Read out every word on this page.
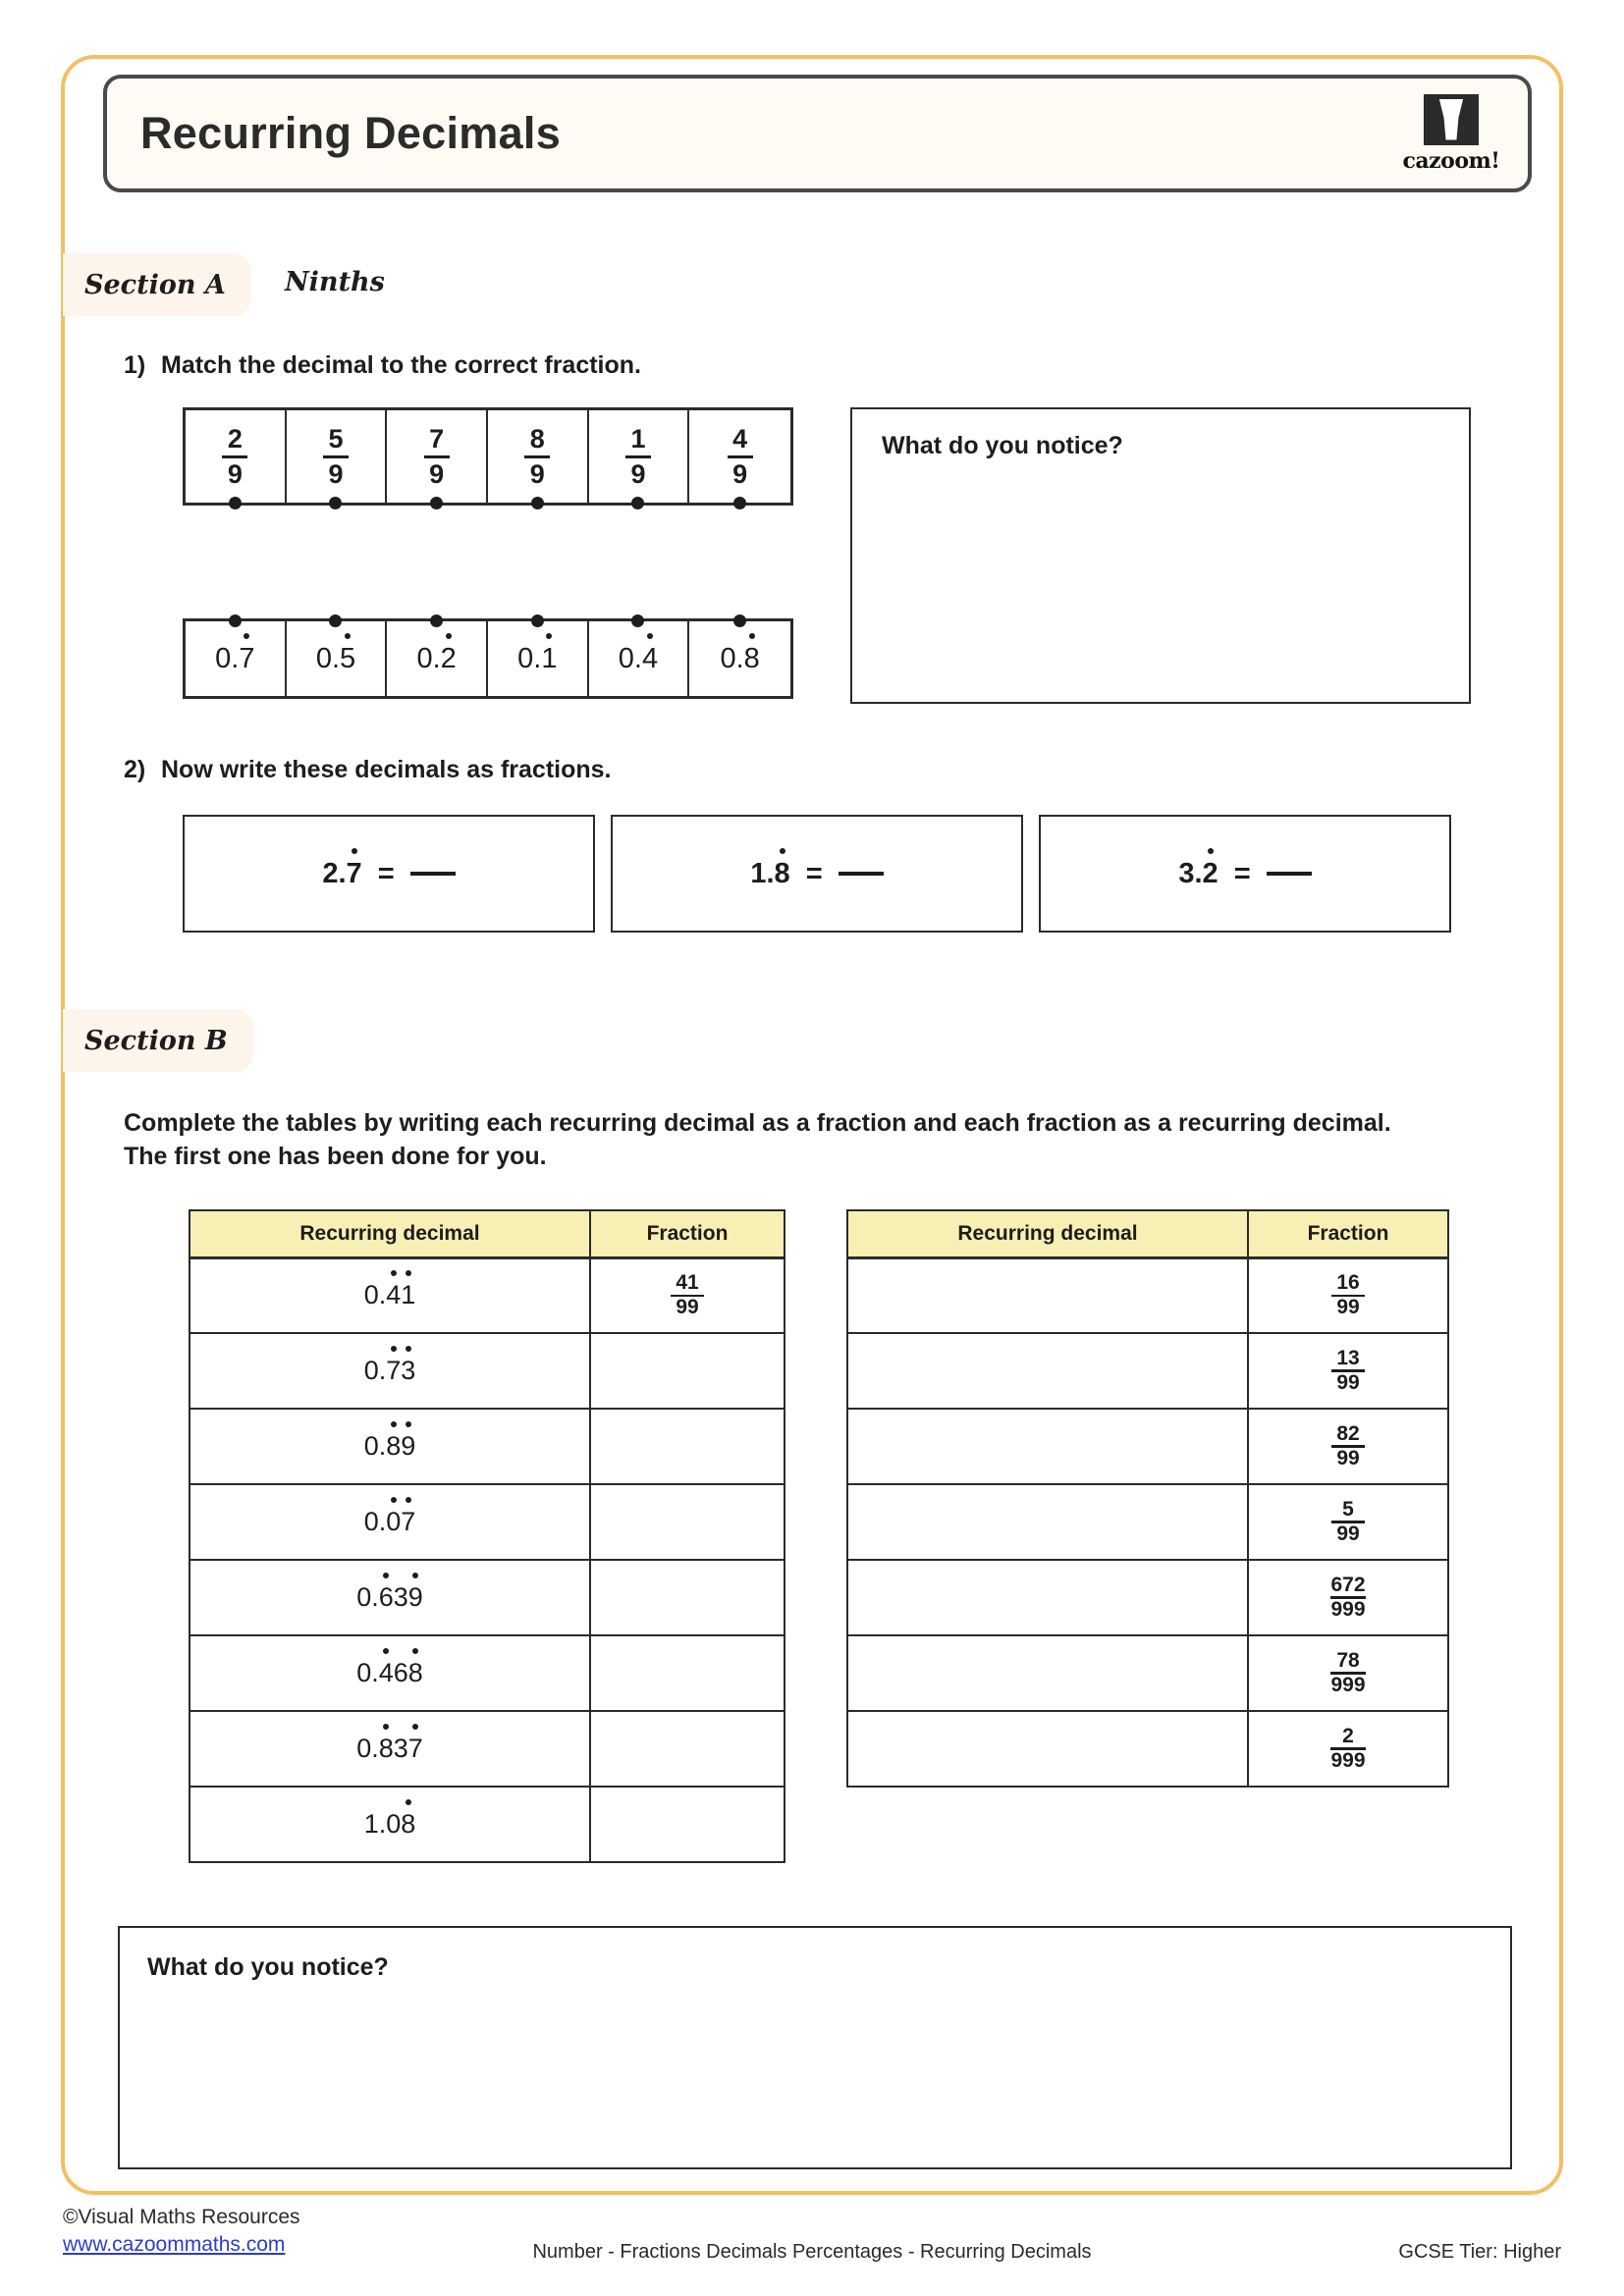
Recurring Decimals
cazoom!
Section A Ninths
1) Match the decimal to the correct fraction.
$\frac{2}{9}$	$\frac{5}{9}$	$\frac{7}{9}$	$\frac{8}{9}$	$\frac{1}{9}$	$\frac{4}{9}$
0.7 0.5 0.2 0.1 0.4 0.8
What do you notice?
2) Now write these decimals as fractions.
2.7 =	1.8 =	3.2 =
Section B
Complete the tables by writing each recurring decimal as a fraction and each fraction as a recurring decimal. The first one has been done for you.
Recurring decimal	Fraction
0.41	$\frac{41}{99}$

0.73	
0.89	
0.07	
0.639	
0.468	
0.837	
1.08	
Recurring decimal	Fraction

	$\frac{16}{99}$

	$\frac{13}{99}$

	$\frac{82}{99}$

	$\frac{5}{99}$

	$\frac{672}{999}$

	$\frac{78}{999}$

	$\frac{2}{999}$
What do you notice?
©Visual Maths Resources
www.cazoommaths.com	Number - Fractions Decimals Percentages - Recurring Decimals	GCSE Tier: Higher
